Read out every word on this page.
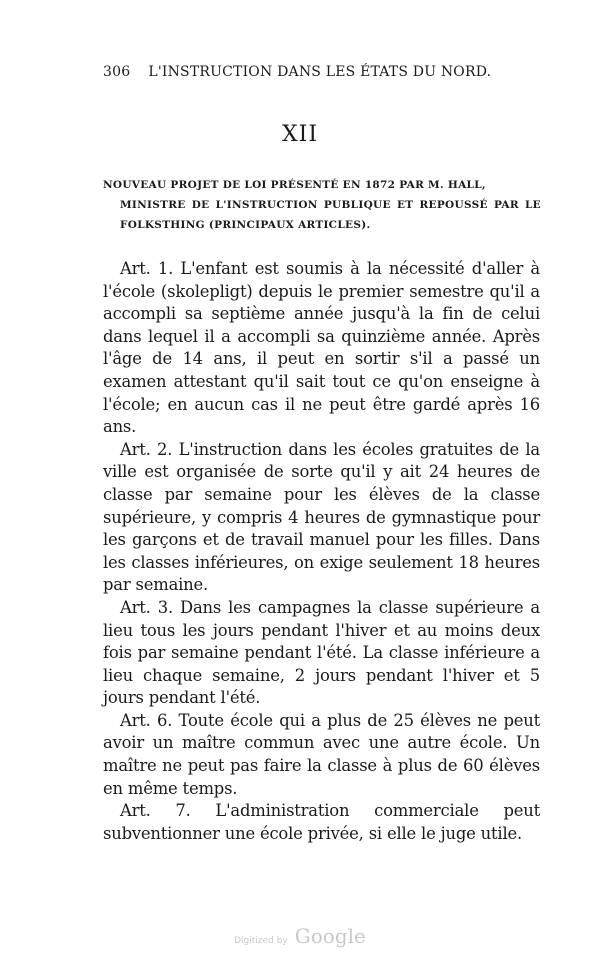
306 L'INSTRUCTION DANS LES ÉTATS DU NORD.
XII
NOUVEAU PROJET DE LOI PRÉSENTÉ EN 1872 PAR M. HALL,
MINISTRE DE L'INSTRUCTION PUBLIQUE ET REPOUSSÉ PAR LE FOLKSTHING (PRINCIPAUX ARTICLES).

Art. 1. L'enfant est soumis à la nécessité d'aller à l'école (skolepligt) depuis le premier semestre qu'il a accompli sa septième année jusqu'à la fin de celui dans lequel il a accompli sa quinzième année. Après l'âge de 14 ans, il peut en sortir s'il a passé un examen attestant qu'il sait tout ce qu'on enseigne à l'école; en aucun cas il ne peut être gardé après 16 ans.

Art. 2. L'instruction dans les écoles gratuites de la ville est organisée de sorte qu'il y ait 24 heures de classe par semaine pour les élèves de la classe supérieure, y compris 4 heures de gymnastique pour les garçons et de travail manuel pour les filles. Dans les classes inférieures, on exige seulement 18 heures par semaine.

Art. 3. Dans les campagnes la classe supérieure a lieu tous les jours pendant l'hiver et au moins deux fois par semaine pendant l'été. La classe inférieure a lieu chaque semaine, 2 jours pendant l'hiver et 5 jours pendant l'été.

Art. 6. Toute école qui a plus de 25 élèves ne peut avoir un maître commun avec une autre école. Un maître ne peut pas faire la classe à plus de 60 élèves en même temps.

Art. 7. L'administration commerciale peut subventionner une école privée, si elle le juge utile.

Digitized by Google
